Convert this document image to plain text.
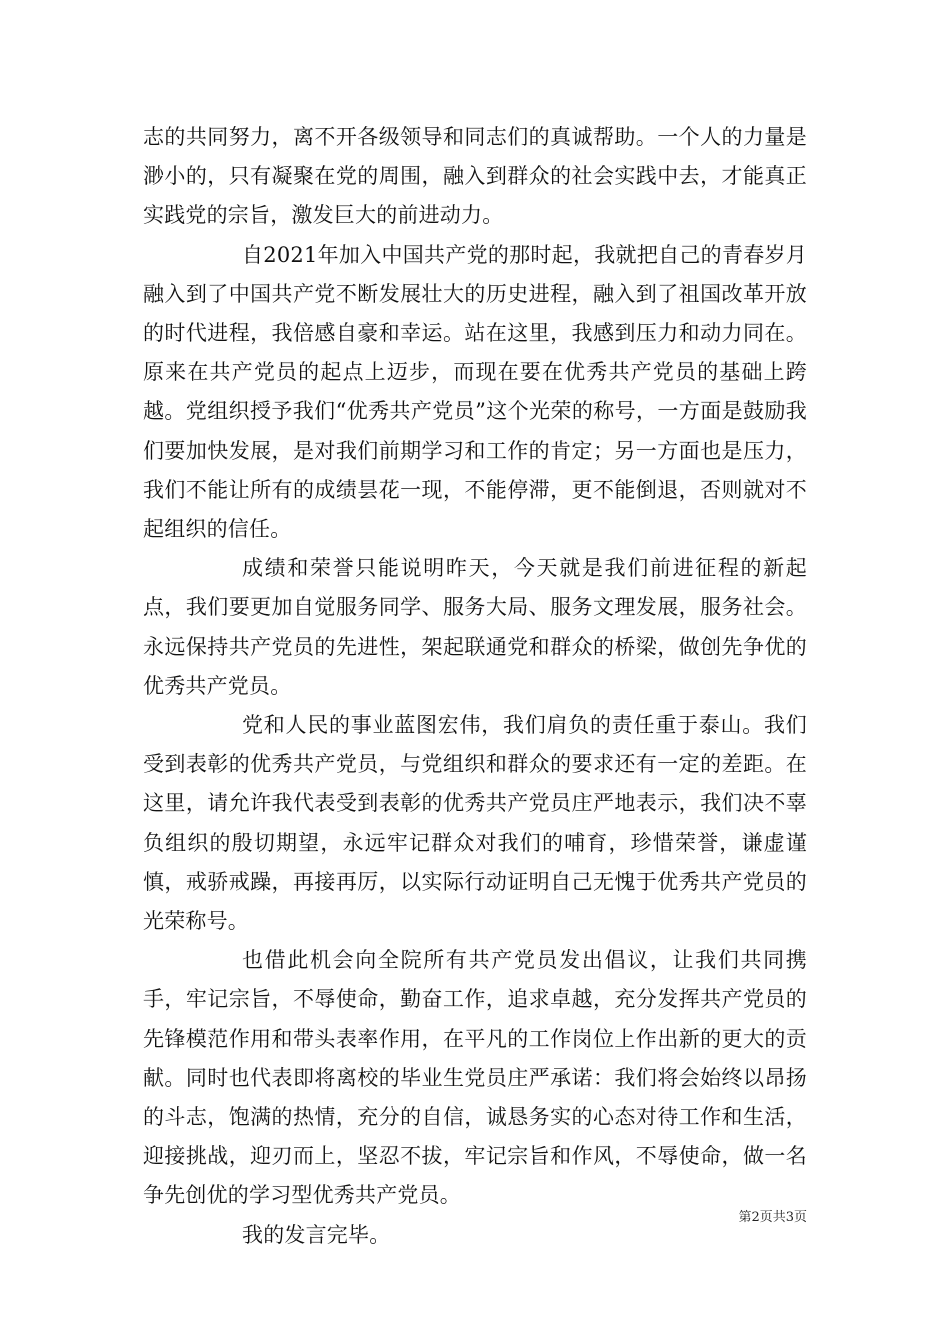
志的共同努力，离不开各级领导和同志们的真诚帮助。一个人的力量是渺小的，只有凝聚在党的周围，融入到群众的社会实践中去，才能真正实践党的宗旨，激发巨大的前进动力。

自2021年加入中国共产党的那时起，我就把自己的青春岁月融入到了中国共产党不断发展壮大的历史进程，融入到了祖国改革开放的时代进程，我倍感自豪和幸运。站在这里，我感到压力和动力同在。原来在共产党员的起点上迈步，而现在要在优秀共产党员的基础上跨越。党组织授予我们“优秀共产党员”这个光荣的称号，一方面是鼓励我们要加快发展，是对我们前期学习和工作的肯定；另一方面也是压力，我们不能让所有的成绩昙花一现，不能停滞，更不能倒退，否则就对不起组织的信任。

成绩和荣誉只能说明昨天，今天就是我们前进征程的新起点，我们要更加自觉服务同学、服务大局、服务文理发展，服务社会。永远保持共产党员的先进性，架起联通党和群众的桥梁，做创先争优的优秀共产党员。

党和人民的事业蓝图宏伟，我们肩负的责任重于泰山。我们受到表彰的优秀共产党员，与党组织和群众的要求还有一定的差距。在这里，请允许我代表受到表彰的优秀共产党员庄严地表示，我们决不辜负组织的殷切期望，永远牢记群众对我们的哺育，珍惜荣誉，谦虚谨慎，戒骄戒躁，再接再厉，以实际行动证明自己无愧于优秀共产党员的光荣称号。

也借此机会向全院所有共产党员发出倡议，让我们共同携手，牢记宗旨，不辱使命，勤奋工作，追求卓越，充分发挥共产党员的先锋模范作用和带头表率作用，在平凡的工作岗位上作出新的更大的贡献。同时也代表即将离校的毕业生党员庄严承诺：我们将会始终以昂扬的斗志，饱满的热情，充分的自信，诚恳务实的心态对待工作和生活，迎接挑战，迎刃而上，坚忍不拔，牢记宗旨和作风，不辱使命，做一名争先创优的学习型优秀共产党员。

我的发言完毕。

第2页共3页
